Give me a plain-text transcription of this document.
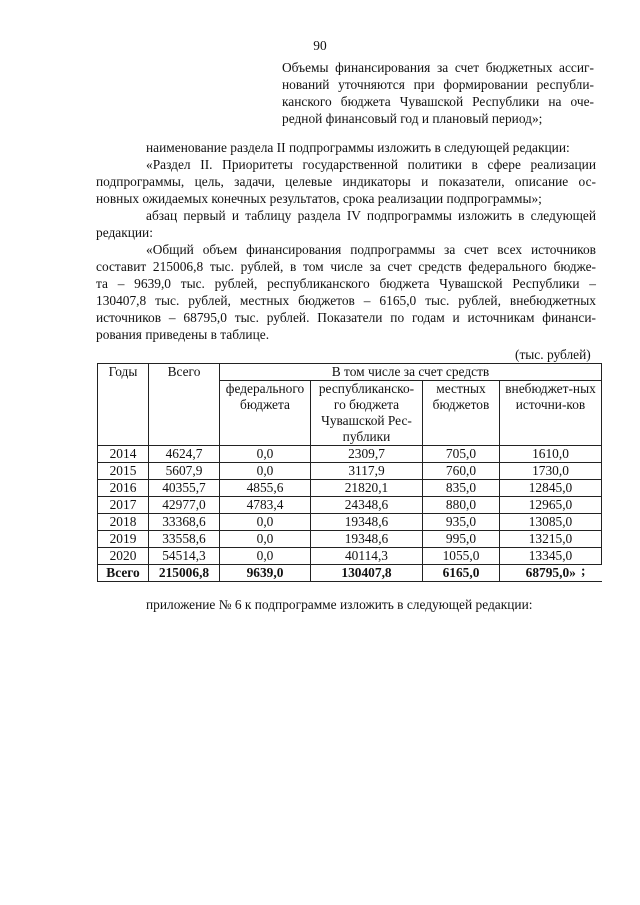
90
Объемы финансирования за счет бюджетных ассиг-
нований уточняются при формировании республи-
канского бюджета Чувашской Республики на оче-
редной финансовый год и плановый период»;
наименование раздела II подпрограммы изложить в следующей редакции:
«Раздел II. Приоритеты государственной политики в сфере реализации
подпрограммы, цель, задачи, целевые индикаторы и показатели, описание ос-
новных ожидаемых конечных результатов, срока реализации подпрограммы»;
абзац первый и таблицу раздела IV подпрограммы изложить в следующей
редакции:
«Общий объем финансирования подпрограммы за счет всех источников
составит 215006,8 тыс. рублей, в том числе за счет средств федерального бюдже-
та – 9639,0 тыс. рублей, республиканского бюджета Чувашской Республики –
130407,8 тыс. рублей, местных бюджетов – 6165,0 тыс. рублей, внебюджетных
источников – 68795,0 тыс. рублей. Показатели по годам и источникам финанси-
рования приведены в таблице.
(тыс. рублей)
Годы	Всего	В том числе за счет средств			
		федерального бюджета	республиканско-го бюджета Чувашской Рес-публики	местных бюджетов	внебюджет-ных источни-ков
2014	4624,7	0,0	2309,7	705,0	1610,0
2015	5607,9	0,0	3117,9	760,0	1730,0
2016	40355,7	4855,6	21820,1	835,0	12845,0
2017	42977,0	4783,4	24348,6	880,0	12965,0
2018	33368,6	0,0	19348,6	935,0	13085,0
2019	33558,6	0,0	19348,6	995,0	13215,0
2020	54514,3	0,0	40114,3	1055,0	13345,0
Всего	215006,8	9639,0	130407,8	6165,0	68795,0» ;
приложение № 6 к подпрограмме изложить в следующей редакции:
